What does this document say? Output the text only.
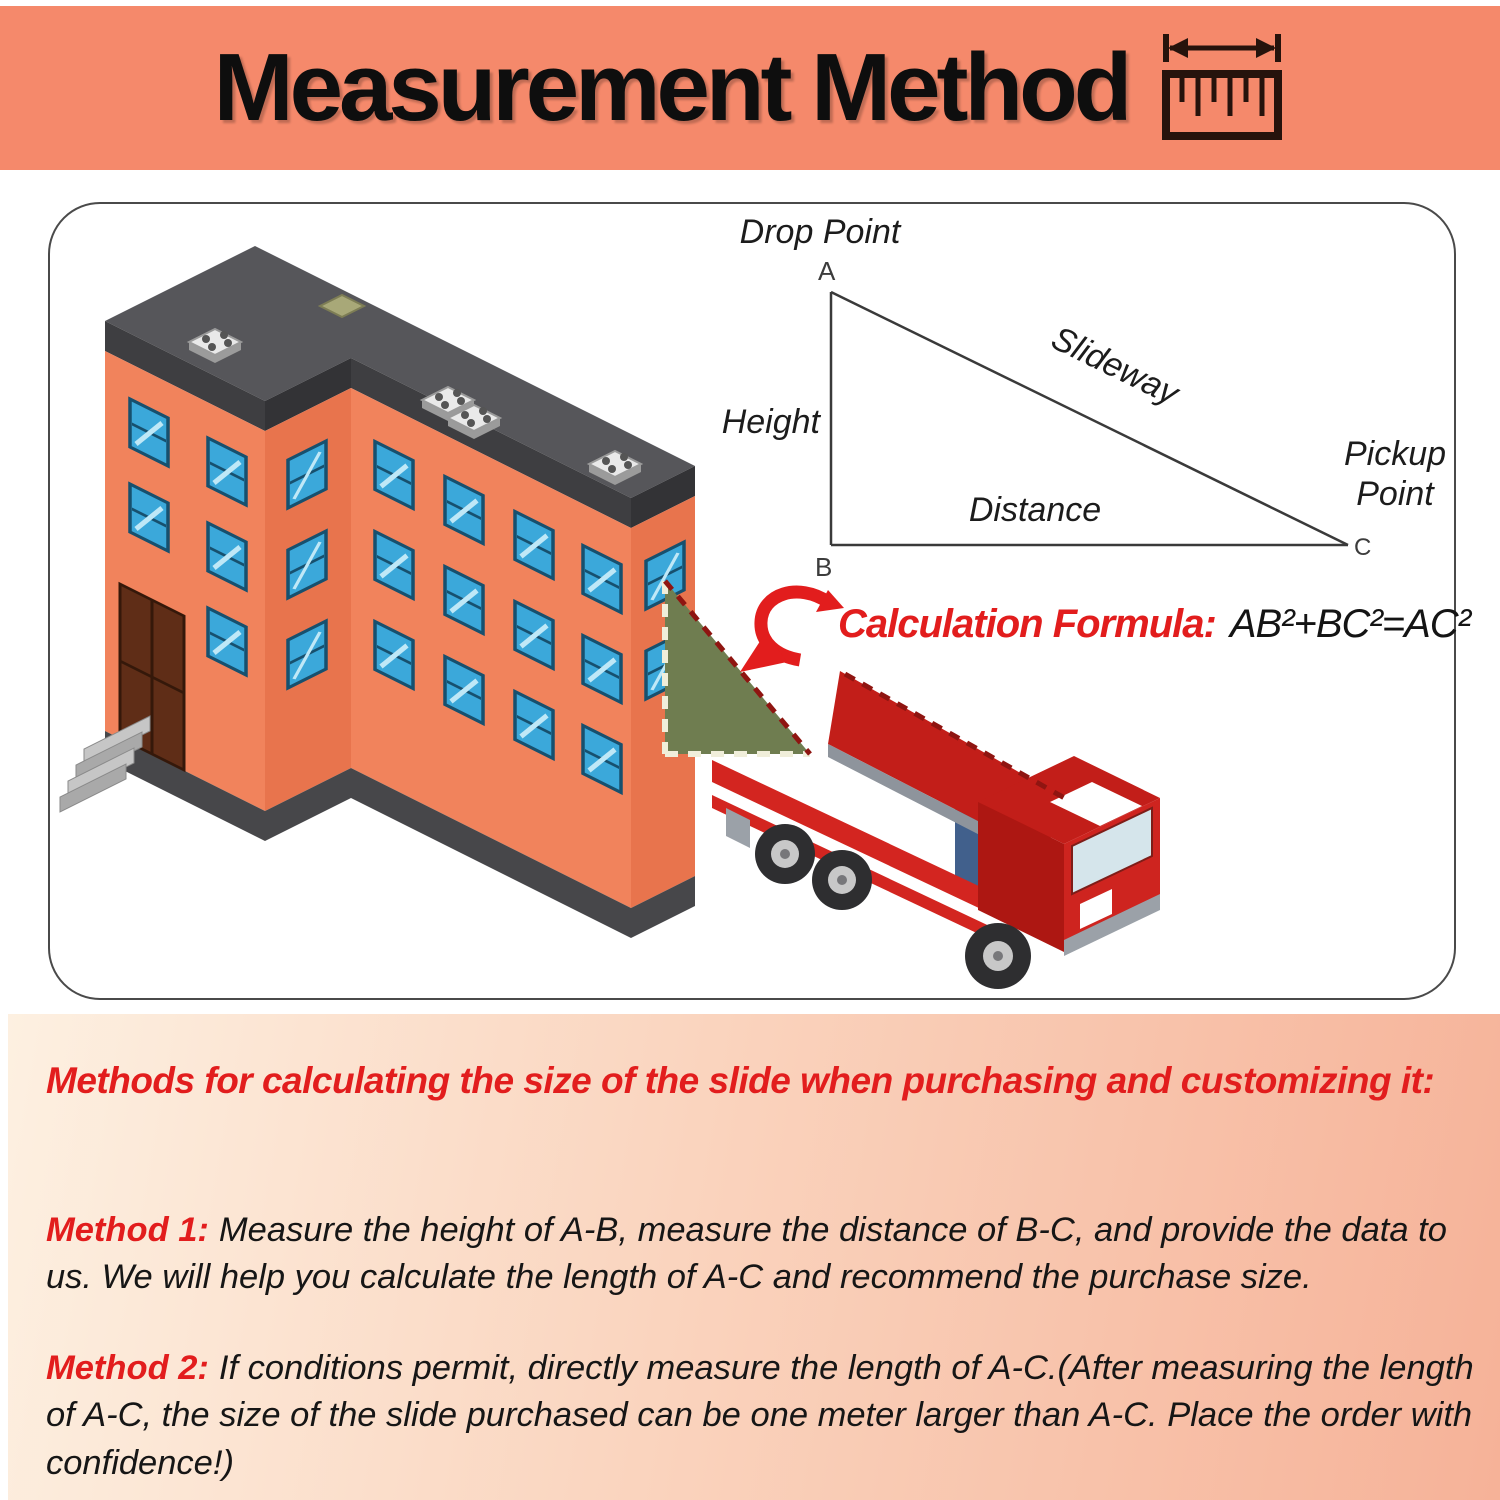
Measurement Method
Drop Point
A
Height
Slideway
Distance
Pickup
Point
B
C
Calculation Formula: AB²+BC²=AC²
Methods for calculating the size of the slide when purchasing and customizing it:

Method 1: Measure the height of A-B, measure the distance of B-C, and provide the data to us. We will help you calculate the length of A-C and recommend the purchase size.

Method 2: If conditions permit, directly measure the length of A-C.(After measuring the length of A-C, the size of the slide purchased can be one meter larger than A-C. Place the order with confidence!)
